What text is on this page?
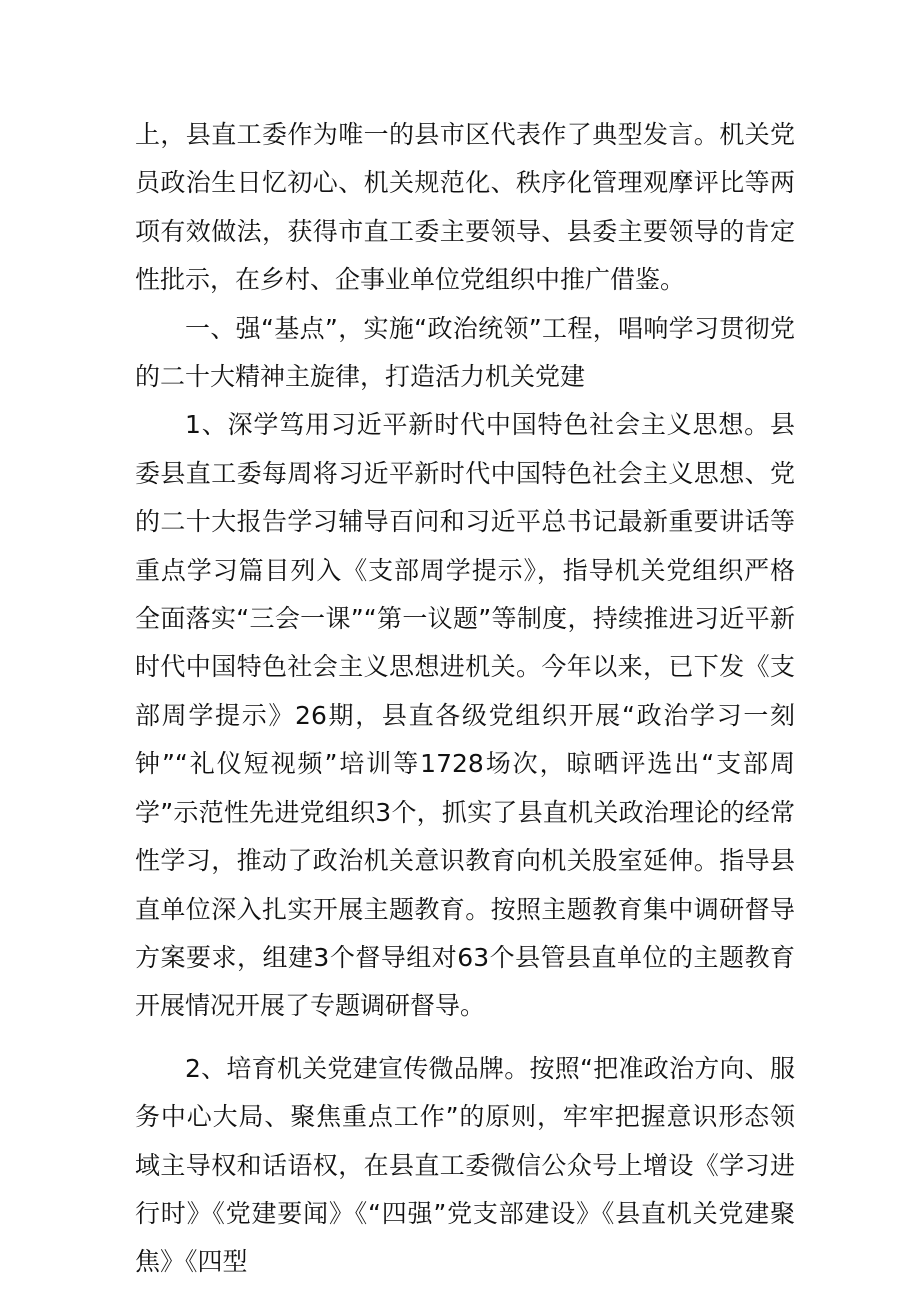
上，县直工委作为唯一的县市区代表作了典型发言。机关党员政治生日忆初心、机关规范化、秩序化管理观摩评比等两项有效做法，获得市直工委主要领导、县委主要领导的肯定性批示，在乡村、企事业单位党组织中推广借鉴。

一、强“基点”，实施“政治统领”工程，唱响学习贯彻党的二十大精神主旋律，打造活力机关党建

1、深学笃用习近平新时代中国特色社会主义思想。县委县直工委每周将习近平新时代中国特色社会主义思想、党的二十大报告学习辅导百问和习近平总书记最新重要讲话等重点学习篇目列入《支部周学提示》，指导机关党组织严格全面落实“三会一课”“第一议题”等制度，持续推进习近平新时代中国特色社会主义思想进机关。今年以来，已下发《支部周学提示》26期，县直各级党组织开展“政治学习一刻钟”“礼仪短视频”培训等1728场次，晾晒评选出“支部周学”示范性先进党组织3个，抓实了县直机关政治理论的经常性学习，推动了政治机关意识教育向机关股室延伸。指导县直单位深入扎实开展主题教育。按照主题教育集中调研督导方案要求，组建3个督导组对63个县管县直单位的主题教育开展情况开展了专题调研督导。

2、培育机关党建宣传微品牌。按照“把准政治方向、服务中心大局、聚焦重点工作”的原则，牢牢把握意识形态领域主导权和话语权，在县直工委微信公众号上增设《学习进行时》《党建要闻》《“四强”党支部建设》《县直机关党建聚焦》《四型
